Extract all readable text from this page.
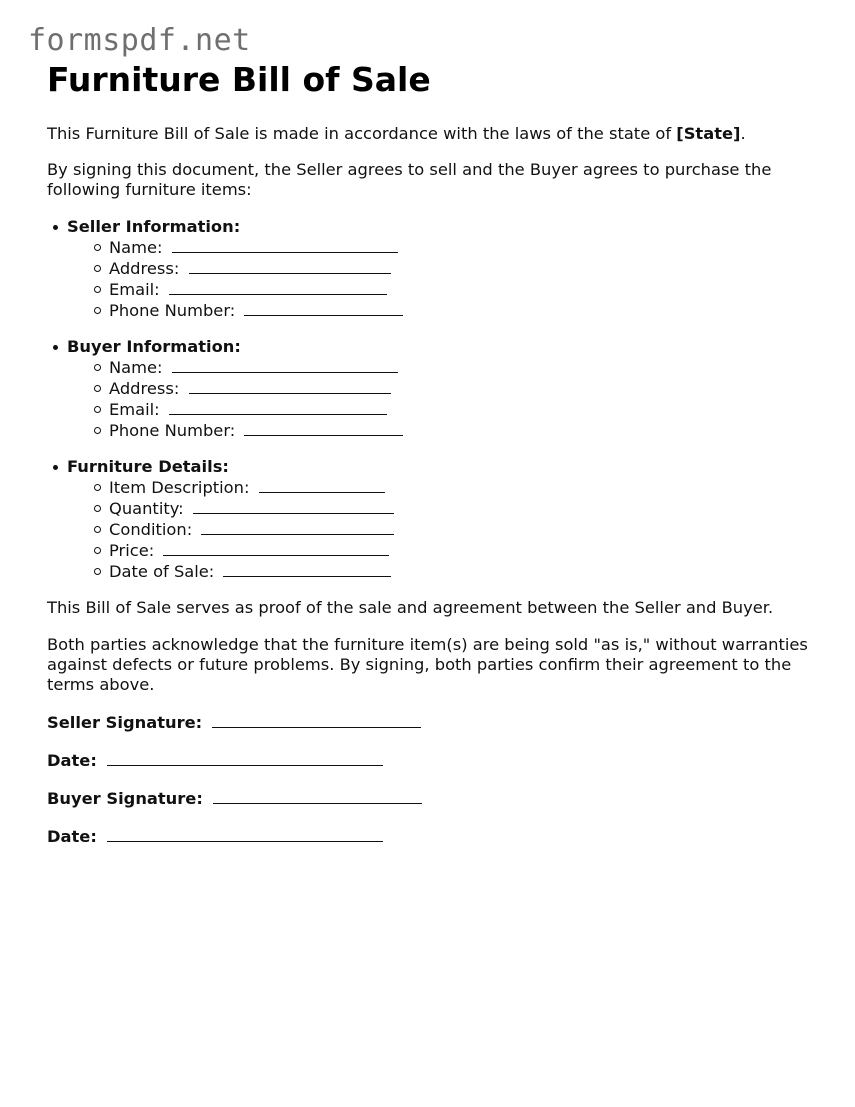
formspdf.net
Furniture Bill of Sale

This Furniture Bill of Sale is made in accordance with the laws of the state of [State].

By signing this document, the Seller agrees to sell and the Buyer agrees to purchase the following furniture items:

Seller Information:
Name:
Address:
Email:
Phone Number:
Buyer Information:
Name:
Address:
Email:
Phone Number:
Furniture Details:
Item Description:
Quantity:
Condition:
Price:
Date of Sale:

This Bill of Sale serves as proof of the sale and agreement between the Seller and Buyer.

Both parties acknowledge that the furniture item(s) are being sold "as is," without warranties against defects or future problems. By signing, both parties confirm their agreement to the terms above.

Seller Signature:
Date:
Buyer Signature:
Date:
